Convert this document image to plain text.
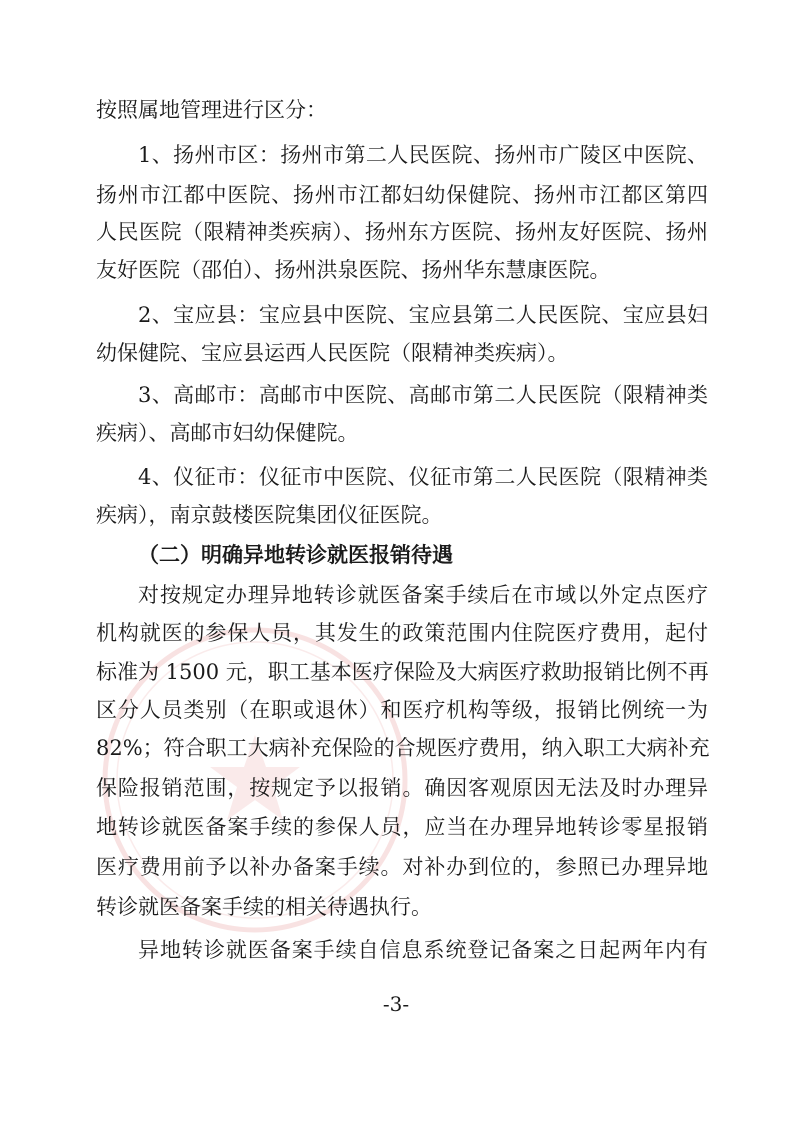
按照属地管理进行区分：
1、扬州市区：扬州市第二人民医院、扬州市广陵区中医院、
扬州市江都中医院、扬州市江都妇幼保健院、扬州市江都区第四
人民医院（限精神类疾病）、扬州东方医院、扬州友好医院、扬州
友好医院（邵伯）、扬州洪泉医院、扬州华东慧康医院。
2、宝应县：宝应县中医院、宝应县第二人民医院、宝应县妇
幼保健院、宝应县运西人民医院（限精神类疾病）。
3、高邮市：高邮市中医院、高邮市第二人民医院（限精神类
疾病）、高邮市妇幼保健院。
4、仪征市：仪征市中医院、仪征市第二人民医院（限精神类
疾病），南京鼓楼医院集团仪征医院。
（二）明确异地转诊就医报销待遇
对按规定办理异地转诊就医备案手续后在市域以外定点医疗
机构就医的参保人员，其发生的政策范围内住院医疗费用，起付
标准为 1500 元，职工基本医疗保险及大病医疗救助报销比例不再
区分人员类别（在职或退休）和医疗机构等级，报销比例统一为
82%；符合职工大病补充保险的合规医疗费用，纳入职工大病补充
保险报销范围，按规定予以报销。确因客观原因无法及时办理异
地转诊就医备案手续的参保人员，应当在办理异地转诊零星报销
医疗费用前予以补办备案手续。对补办到位的，参照已办理异地
转诊就医备案手续的相关待遇执行。
异地转诊就医备案手续自信息系统登记备案之日起两年内有
-3-
